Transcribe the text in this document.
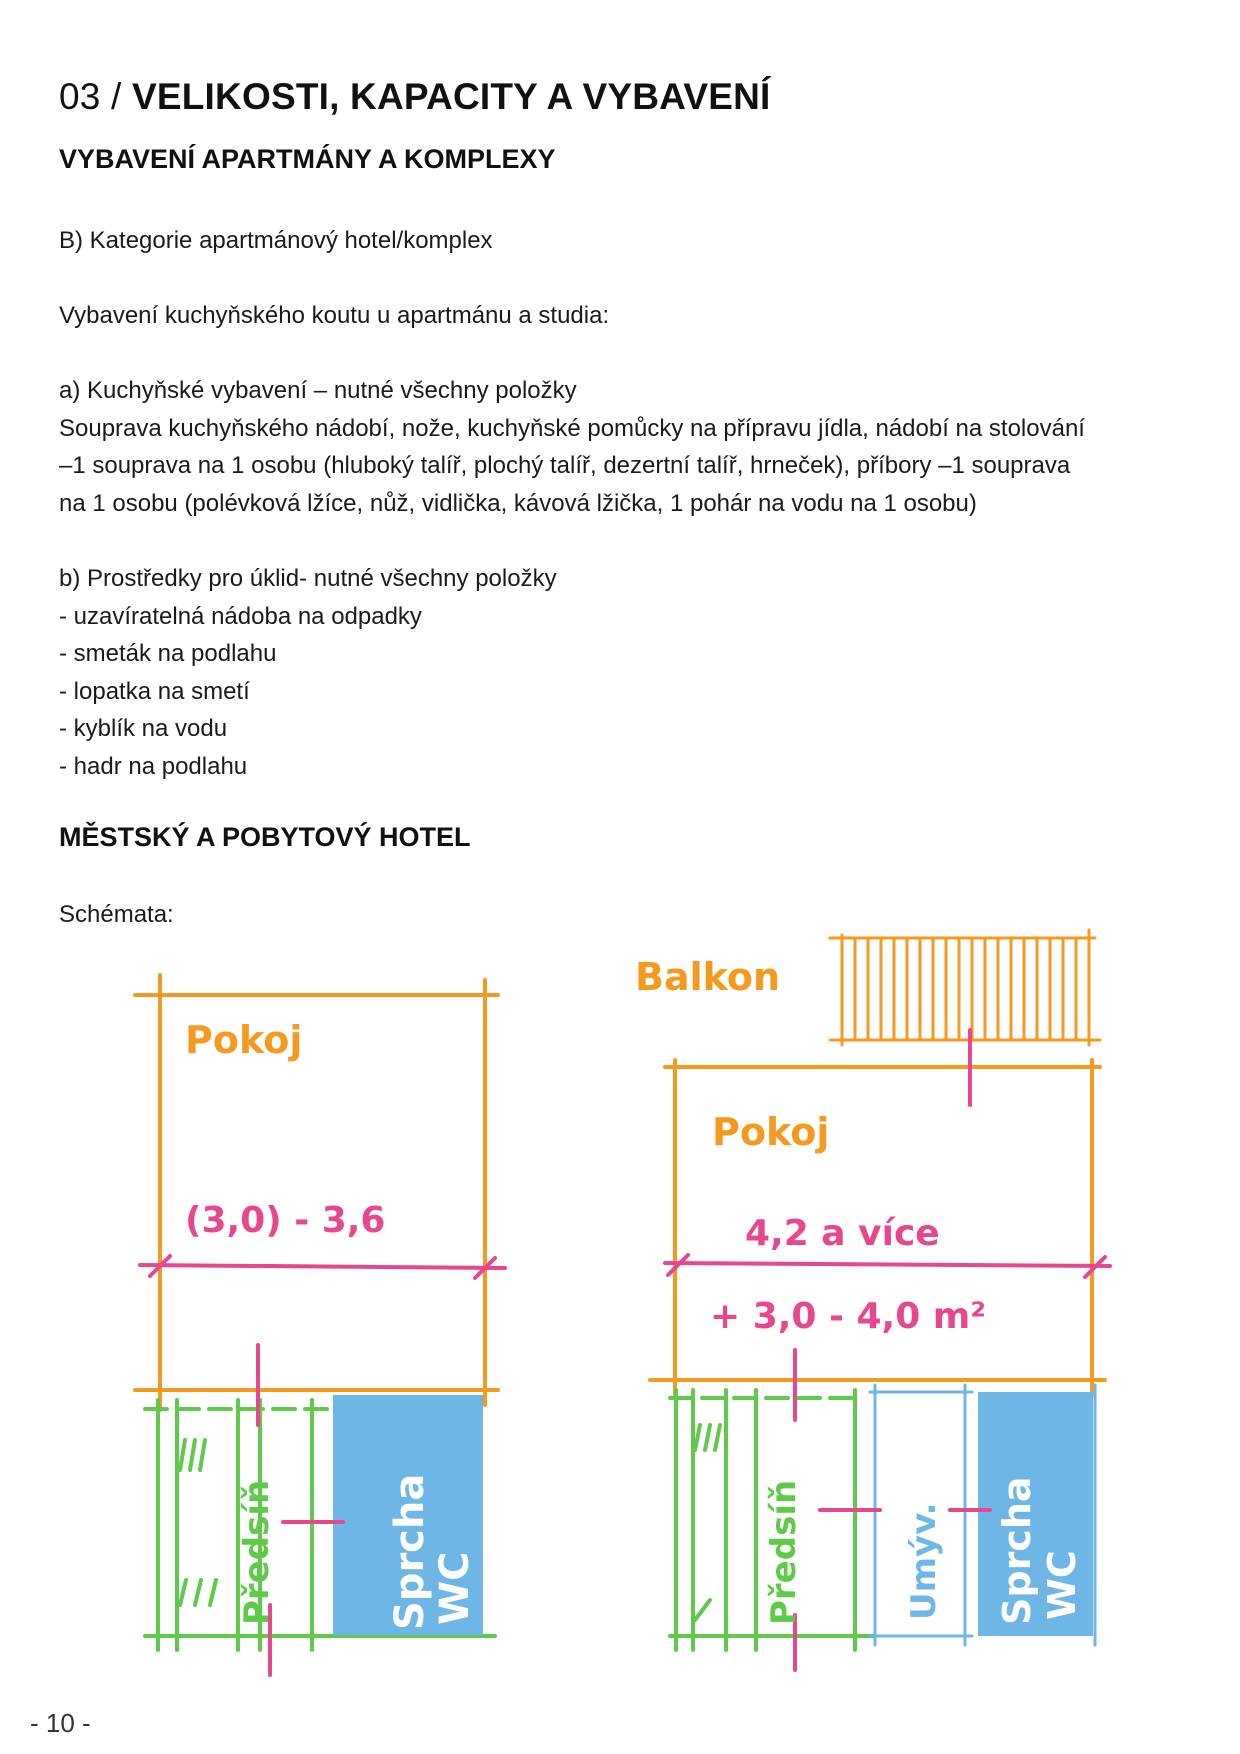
03 / VELIKOSTI, KAPACITY A VYBAVENÍ
VYBAVENÍ APARTMÁNY A KOMPLEXY

B) Kategorie apartmánový hotel/komplex

Vybavení kuchyňského koutu u apartmánu a studia:

a) Kuchyňské vybavení – nutné všechny položky
Souprava kuchyňského nádobí, nože, kuchyňské pomůcky na přípravu jídla, nádobí na stolování
–1 souprava na 1 osobu (hluboký talíř, plochý talíř, dezertní talíř, hrneček), příbory –1 souprava
na 1 osobu (polévková lžíce, nůž, vidlička, kávová lžička, 1 pohár na vodu na 1 osobu)
b) Prostředky pro úklid- nutné všechny položky
- uzavíratelná nádoba na odpadky
- smeták na podlahu
- lopatka na smetí
- kyblík na vodu
- hadr na podlahu
MĚSTSKÝ A POBYTOVÝ HOTEL

Schémata:

Pokoj
(3,0) - 3,6
Předsíň	Sprcha WC
Balkon
Pokoj
4,2 a více
+ 3,0 - 4,0 m²
Předsíň	Umýv. Sprcha WC
- 10 -
